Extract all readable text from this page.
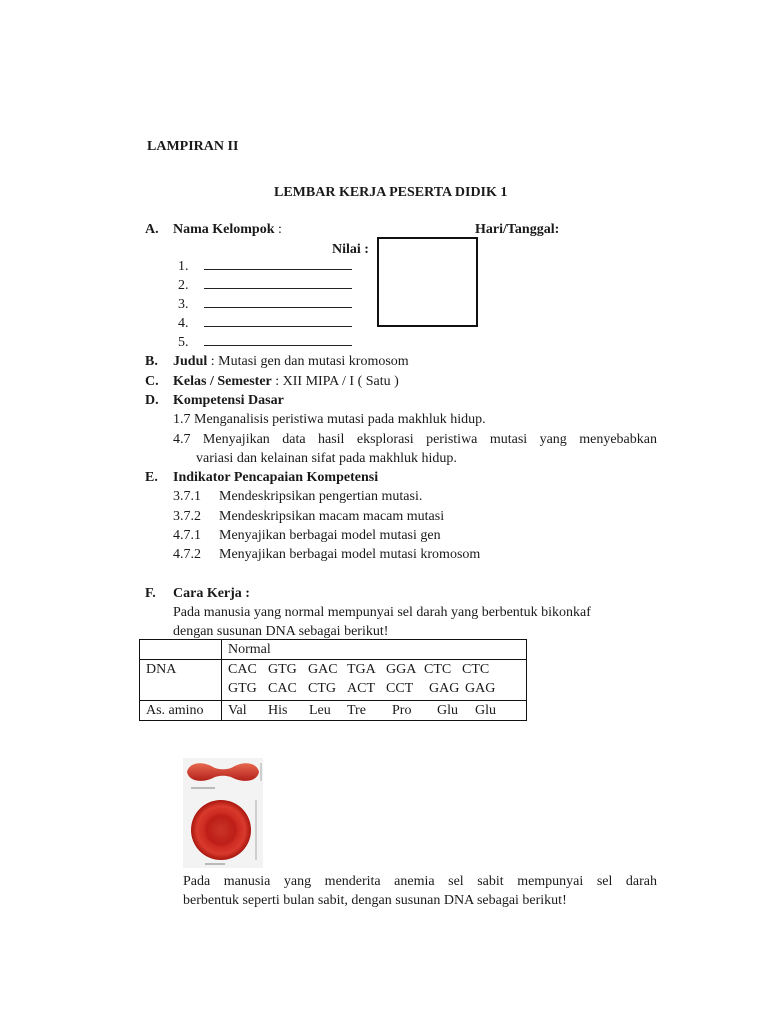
LAMPIRAN II
LEMBAR KERJA PESERTA DIDIK 1
A. Nama Kelompok :	Hari/Tanggal:
Nilai :
1.
2.
3.
4.
5.
B. Judul : Mutasi gen dan mutasi kromosom
C. Kelas / Semester : XII MIPA / I ( Satu )
D. Kompetensi Dasar
1.7 Menganalisis peristiwa mutasi pada makhluk hidup.
4.7 Menyajikan data hasil eksplorasi peristiwa mutasi yang menyebabkan
variasi dan kelainan sifat pada makhluk hidup.
E. Indikator Pencapaian Kompetensi
3.7.1 Mendeskripsikan pengertian mutasi.
3.7.2 Mendeskripsikan macam macam mutasi
4.7.1 Menyajikan berbagai model mutasi gen
4.7.2 Menyajikan berbagai model mutasi kromosom
F. Cara Kerja :
Pada manusia yang normal mempunyai sel darah yang berbentuk bikonkaf
dengan susunan DNA sebagai berikut!
	Normal
DNA	CAC GTG GAC TGA GGA CTC CTC
GTG CAC CTG ACT CCT GAG GAG

As. amino	Val His Leu Tre Pro Glu Glu
Pada manusia yang menderita anemia sel sabit mempunyai sel darah
berbentuk seperti bulan sabit, dengan susunan DNA sebagai berikut!
